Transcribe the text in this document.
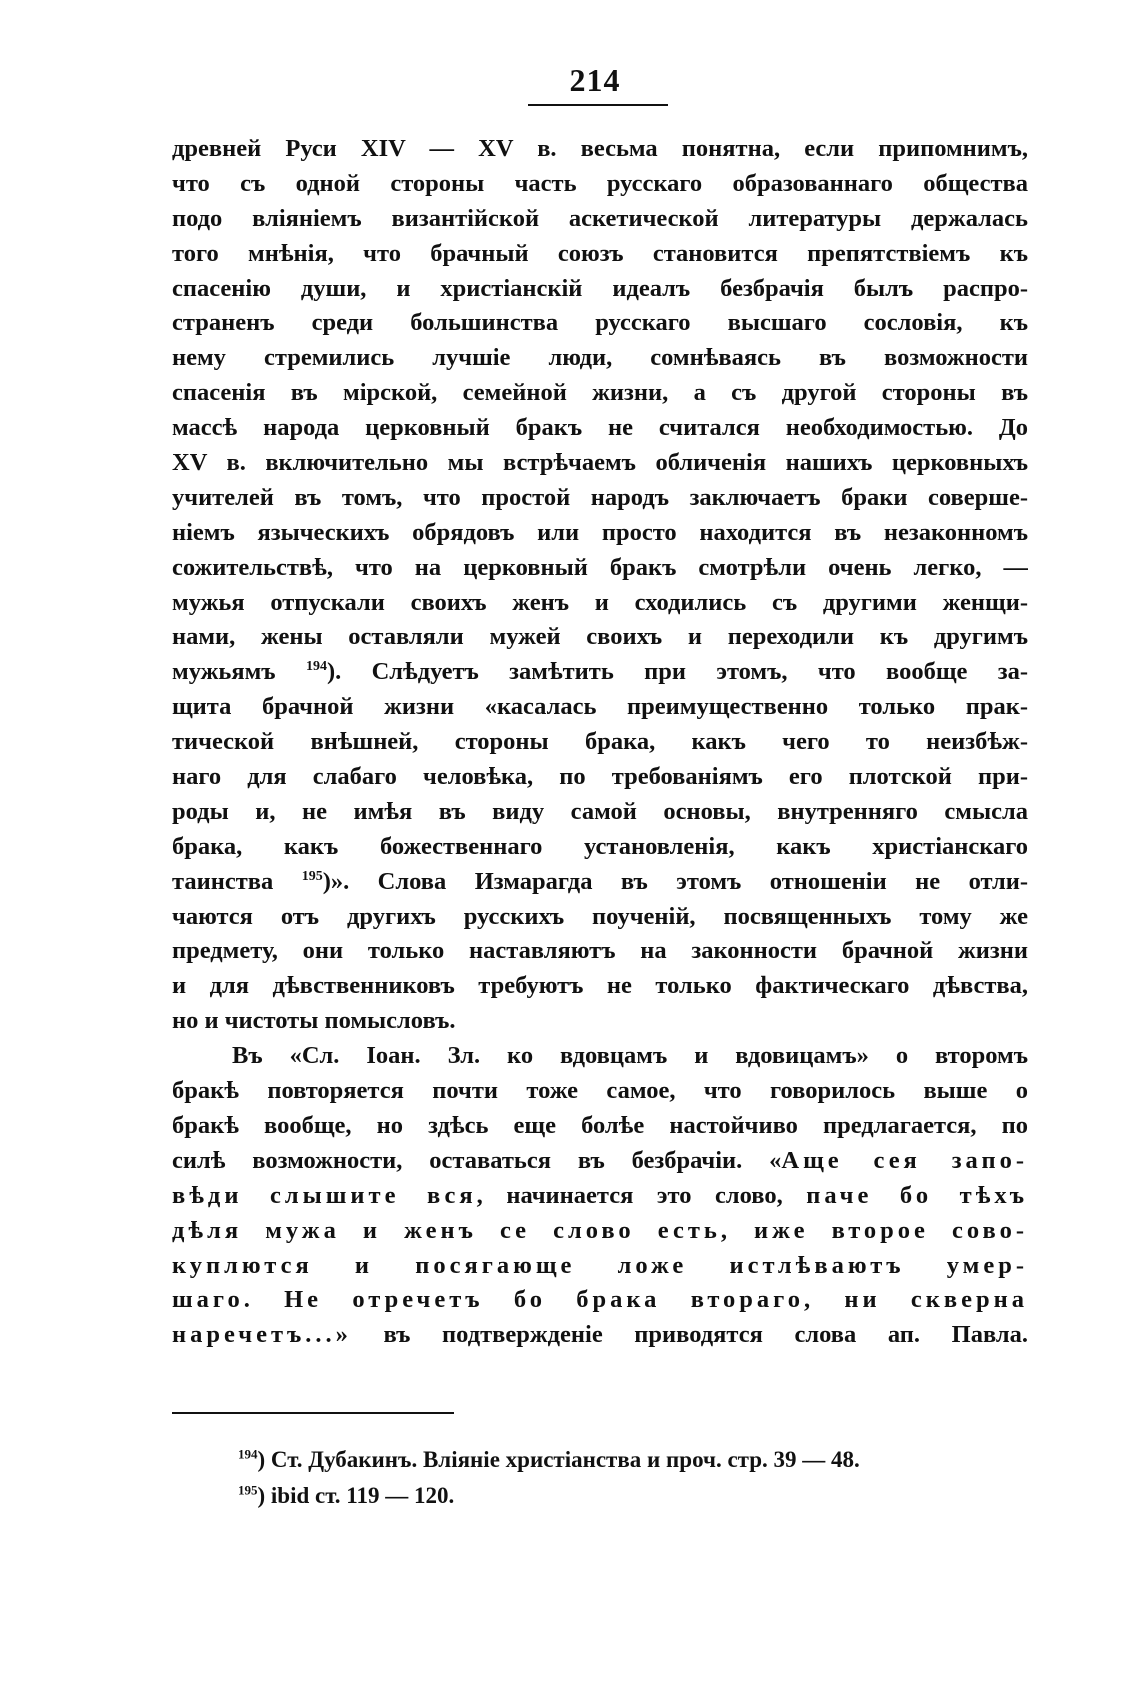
214
древней Руси XIV — XV в. весьма понятна, если припомнимъ,
что съ одной стороны часть русскаго образованнаго общества
подо вліяніемъ византійской аскетической литературы держалась
того мнѣнія, что брачный союзъ становится препятствіемъ къ
спасенію души, и христіанскій идеалъ безбрачія былъ распро-
страненъ среди большинства русскаго высшаго сословія, къ
нему стремились лучшіе люди, сомнѣваясь въ возможности
спасенія въ мірской, семейной жизни, а съ другой стороны въ
массѣ народа церковный бракъ не считался необходимостью. До
XV в. включительно мы встрѣчаемъ обличенія нашихъ церковныхъ
учителей въ томъ, что простой народъ заключаетъ браки соверше-
ніемъ языческихъ обрядовъ или просто находится въ незаконномъ
сожительствѣ, что на церковный бракъ смотрѣли очень легко, —
мужья отпускали своихъ женъ и сходились съ другими женщи-
нами, жены оставляли мужей своихъ и переходили къ другимъ
мужьямъ $^{194}$). Слѣдуетъ замѣтить при этомъ, что вообще за-
щита брачной жизни «касалась преимущественно только прак-
тической внѣшней, стороны брака, какъ чего то неизбѣж-
наго для слабаго человѣка, по требованіямъ его плотской при-
роды и, не имѣя въ виду самой основы, внутренняго смысла
брака, какъ божественнаго установленія, какъ христіанскаго
таинства $^{195}$)». Слова Измарагда въ этомъ отношеніи не отли-
чаются отъ другихъ русскихъ поученій, посвященныхъ тому же
предмету, они только наставляютъ на законности брачной жизни
и для дѣвственниковъ требуютъ не только фактическаго дѣвства,
но и чистоты помысловъ.
Въ «Сл. Іоан. Зл. ко вдовцамъ и вдовицамъ» о второмъ
бракѣ повторяется почти тоже самое, что говорилось выше о
бракѣ вообще, но здѣсь еще болѣе настойчиво предлагается, по
силѣ возможности, оставаться въ безбрачіи. «Аще сея запо-
вѣди слышите вся, начинается это слово, паче бо тѣхъ
дѣля мужа и женъ се слово есть, иже второе сово-
куплются и посягающе ложе истлѣваютъ умер-
шаго. Не отречетъ бо брака втораго, ни скверна
наречетъ...» въ подтвержденіе приводятся слова ап. Павла.
$^{194}$) Ст. Дубакинъ. Вліяніе христіанства и проч. стр. 39 — 48.
$^{195}$) ibid ст. 119 — 120.
